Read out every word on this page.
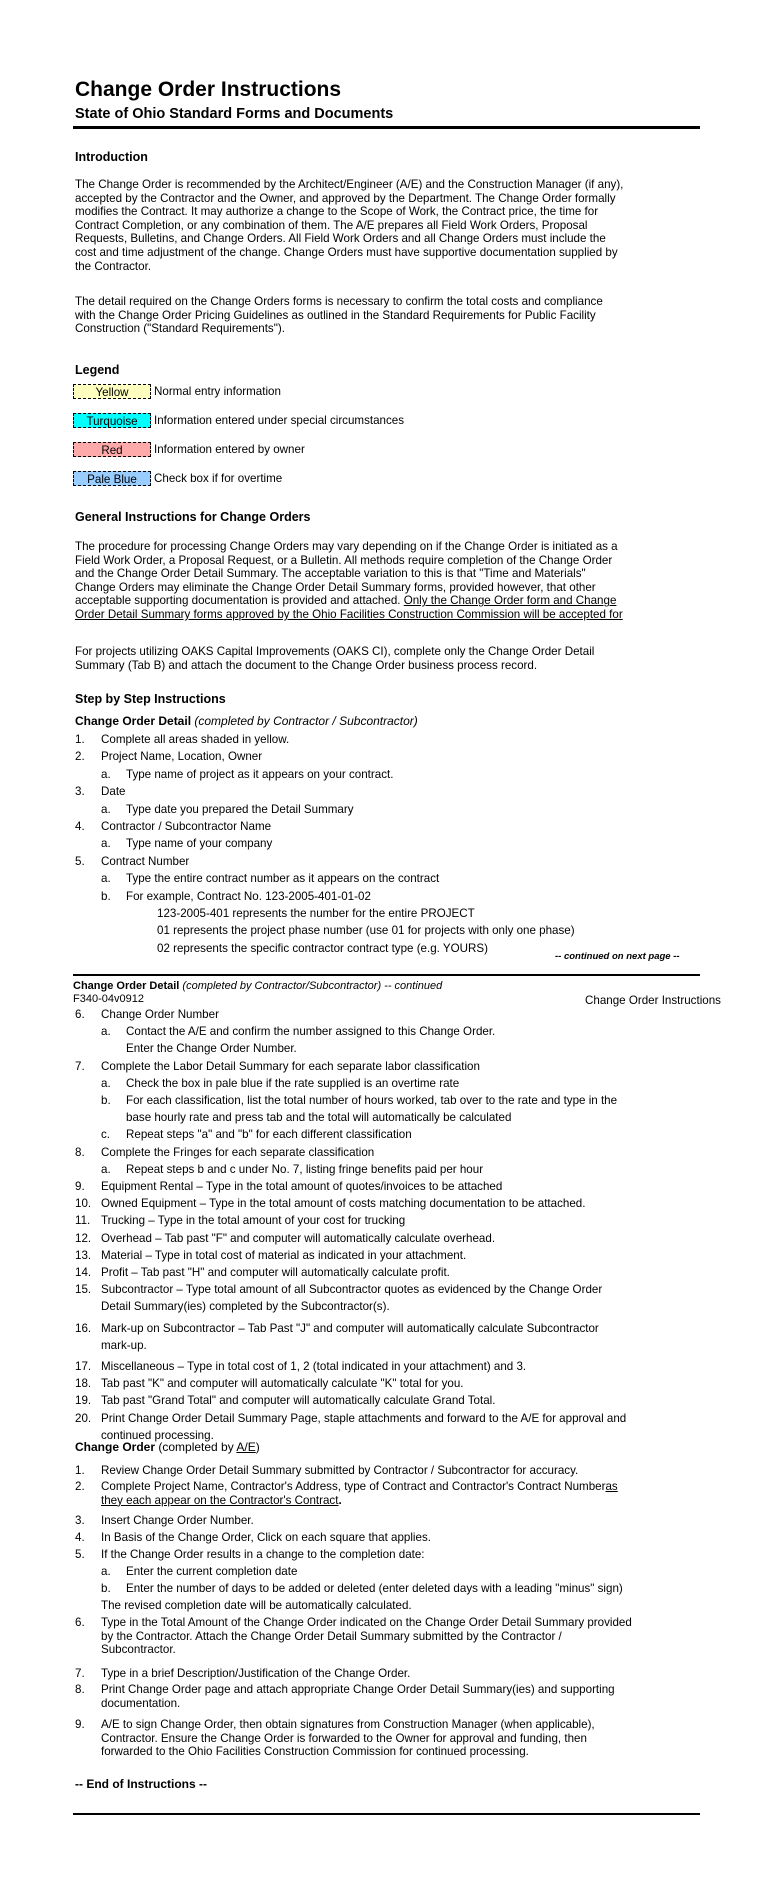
Change Order Instructions
State of Ohio Standard Forms and Documents
Introduction
The Change Order is recommended by the Architect/Engineer (A/E) and the Construction Manager (if any),
accepted by the Contractor and the Owner, and approved by the Department. The Change Order formally
modifies the Contract. It may authorize a change to the Scope of Work, the Contract price, the time for
Contract Completion, or any combination of them. The A/E prepares all Field Work Orders, Proposal
Requests, Bulletins, and Change Orders. All Field Work Orders and all Change Orders must include the
cost and time adjustment of the change. Change Orders must have supportive documentation supplied by
the Contractor.
The detail required on the Change Orders forms is necessary to confirm the total costs and compliance
with the Change Order Pricing Guidelines as outlined in the Standard Requirements for Public Facility
Construction ("Standard Requirements").
Legend
Yellow	Normal entry information
Turquoise	Information entered under special circumstances
Red	Information entered by owner
Pale Blue	Check box if for overtime
General Instructions for Change Orders
The procedure for processing Change Orders may vary depending on if the Change Order is initiated as a
Field Work Order, a Proposal Request, or a Bulletin. All methods require completion of the Change Order
and the Change Order Detail Summary. The acceptable variation to this is that "Time and Materials"
Change Orders may eliminate the Change Order Detail Summary forms, provided however, that other
acceptable supporting documentation is provided and attached. Only the Change Order form and Change
Order Detail Summary forms approved by the Ohio Facilities Construction Commission will be accepted for
For projects utilizing OAKS Capital Improvements (OAKS CI), complete only the Change Order Detail
Summary (Tab B) and attach the document to the Change Order business process record.
Step by Step Instructions
Change Order Detail (completed by Contractor / Subcontractor)
1. Complete all areas shaded in yellow.
2. Project Name, Location, Owner
a. Type name of project as it appears on your contract.
3. Date
a. Type date you prepared the Detail Summary
4. Contractor / Subcontractor Name
a. Type name of your company
5. Contract Number
a. Type the entire contract number as it appears on the contract
b. For example, Contract No. 123-2005-401-01-02
123-2005-401 represents the number for the entire PROJECT
01 represents the project phase number (use 01 for projects with only one phase)
02 represents the specific contractor contract type (e.g. YOURS)
-- continued on next page --
Change Order Detail (completed by Contractor/Subcontractor) -- continued
F340-04v0912	Change Order Instructions
6. Change Order Number
a. Contact the A/E and confirm the number assigned to this Change Order.
Enter the Change Order Number.
7. Complete the Labor Detail Summary for each separate labor classification
a. Check the box in pale blue if the rate supplied is an overtime rate
b. For each classification, list the total number of hours worked, tab over to the rate and type in the
base hourly rate and press tab and the total will automatically be calculated
c. Repeat steps "a" and "b" for each different classification
8. Complete the Fringes for each separate classification
a. Repeat steps b and c under No. 7, listing fringe benefits paid per hour
9. Equipment Rental – Type in the total amount of quotes/invoices to be attached
10. Owned Equipment – Type in the total amount of costs matching documentation to be attached.
11. Trucking – Type in the total amount of your cost for trucking
12. Overhead – Tab past "F" and computer will automatically calculate overhead.
13. Material – Type in total cost of material as indicated in your attachment.
14. Profit – Tab past "H" and computer will automatically calculate profit.
15. Subcontractor – Type total amount of all Subcontractor quotes as evidenced by the Change Order
Detail Summary(ies) completed by the Subcontractor(s).
16. Mark-up on Subcontractor – Tab Past "J" and computer will automatically calculate Subcontractor
mark-up.
17. Miscellaneous – Type in total cost of 1, 2 (total indicated in your attachment) and 3.
18. Tab past "K" and computer will automatically calculate "K" total for you.
19. Tab past "Grand Total" and computer will automatically calculate Grand Total.
20. Print Change Order Detail Summary Page, staple attachments and forward to the A/E for approval and
continued processing.
Change Order (completed by A/E)
1. Review Change Order Detail Summary submitted by Contractor / Subcontractor for accuracy.
2. Complete Project Name, Contractor's Address, type of Contract and Contractor's Contract Numberas
they each appear on the Contractor's Contract.
3. Insert Change Order Number.
4. In Basis of the Change Order, Click on each square that applies.
5. If the Change Order results in a change to the completion date:
a. Enter the current completion date
b. Enter the number of days to be added or deleted (enter deleted days with a leading "minus" sign)
The revised completion date will be automatically calculated.
6. Type in the Total Amount of the Change Order indicated on the Change Order Detail Summary provided
by the Contractor. Attach the Change Order Detail Summary submitted by the Contractor /
Subcontractor.
7. Type in a brief Description/Justification of the Change Order.
8. Print Change Order page and attach appropriate Change Order Detail Summary(ies) and supporting
documentation.
9. A/E to sign Change Order, then obtain signatures from Construction Manager (when applicable),
Contractor. Ensure the Change Order is forwarded to the Owner for approval and funding, then
forwarded to the Ohio Facilities Construction Commission for continued processing.
-- End of Instructions --
